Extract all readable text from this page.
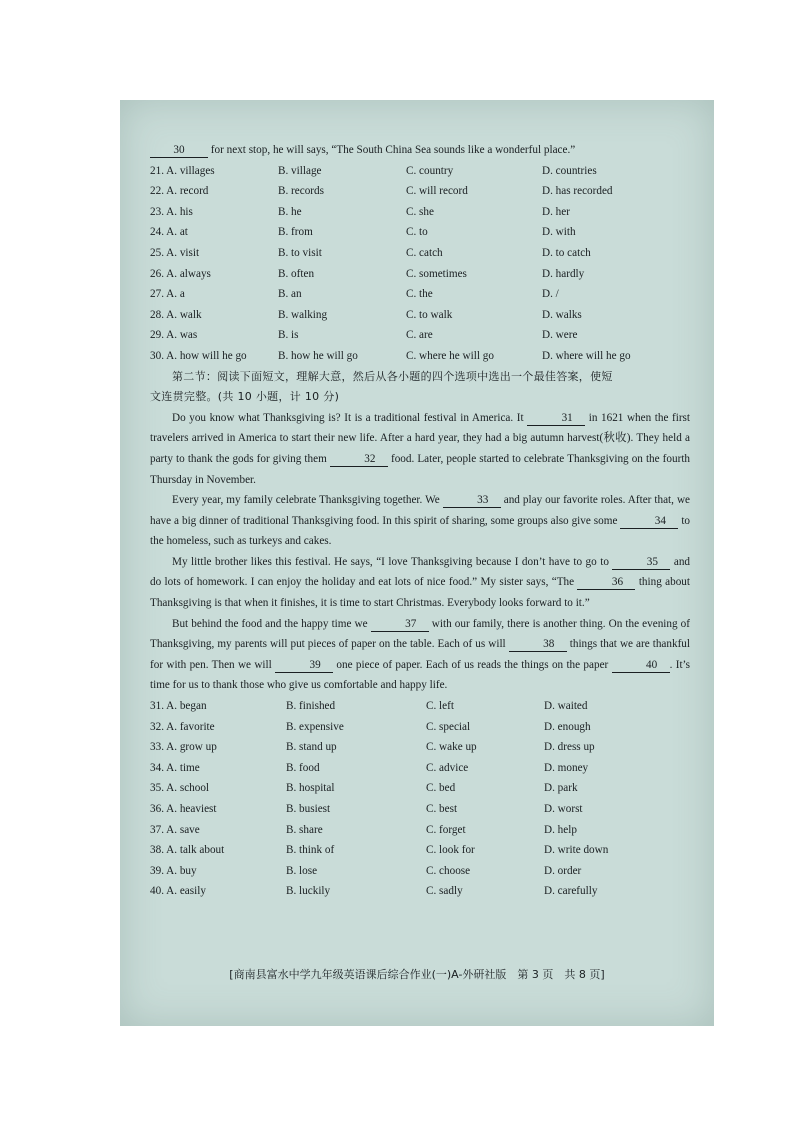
30 for next stop, he will says, “The South China Sea sounds like a wonderful place.”
21. A. villages	B. village	C. country	D. countries
22. A. record	B. records	C. will record	D. has recorded
23. A. his	B. he	C. she	D. her
24. A. at	B. from	C. to	D. with
25. A. visit	B. to visit	C. catch	D. to catch
26. A. always	B. often	C. sometimes	D. hardly
27. A. a	B. an	C. the	D. /
28. A. walk	B. walking	C. to walk	D. walks
29. A. was	B. is	C. are	D. were
30. A. how will he go	B. how he will go	C. where he will go	D. where will he go
第二节：阅读下面短文，理解大意，然后从各小题的四个选项中选出一个最佳答案，使短
文连贯完整。(共 10 小题，计 10 分)

Do you know what Thanksgiving is? It is a traditional festival in America. It	31 in 1621 when the first travelers arrived in America to start their new life. After a hard year, they had a big autumn harvest(秋收). They held a party to thank the gods for giving them	32 food. Later, people started to celebrate Thanksgiving on the fourth Thursday in November.

Every year, my family celebrate Thanksgiving together. We	33 and play our favorite roles. After that, we have a big dinner of traditional Thanksgiving food. In this spirit of sharing, some groups also give some	34 to the homeless, such as turkeys and cakes.

My little brother likes this festival. He says, “I love Thanksgiving because I don’t have to go to	35 and do lots of homework. I can enjoy the holiday and eat lots of nice food.” My sister says, “The	36 thing about Thanksgiving is that when it finishes, it is time to start Christmas. Everybody looks forward to it.”

But behind the food and the happy time we	37 with our family, there is another thing. On the evening of Thanksgiving, my parents will put pieces of paper on the table. Each of us will	38 things that we are thankful for with pen. Then we will	39 one piece of paper. Each of us reads the things on the paper	40 . It’s time for us to thank those who give us comfortable and happy life.

31. A. began	B. finished	C. left	D. waited
32. A. favorite	B. expensive	C. special	D. enough
33. A. grow up	B. stand up	C. wake up	D. dress up
34. A. time	B. food	C. advice	D. money
35. A. school	B. hospital	C. bed	D. park
36. A. heaviest	B. busiest	C. best	D. worst
37. A. save	B. share	C. forget	D. help
38. A. talk about	B. think of	C. look for	D. write down
39. A. buy	B. lose	C. choose	D. order
40. A. easily	B. luckily	C. sadly	D. carefully
[商南县富水中学九年级英语课后综合作业(一)A-外研社版　第 3 页　共 8 页]
